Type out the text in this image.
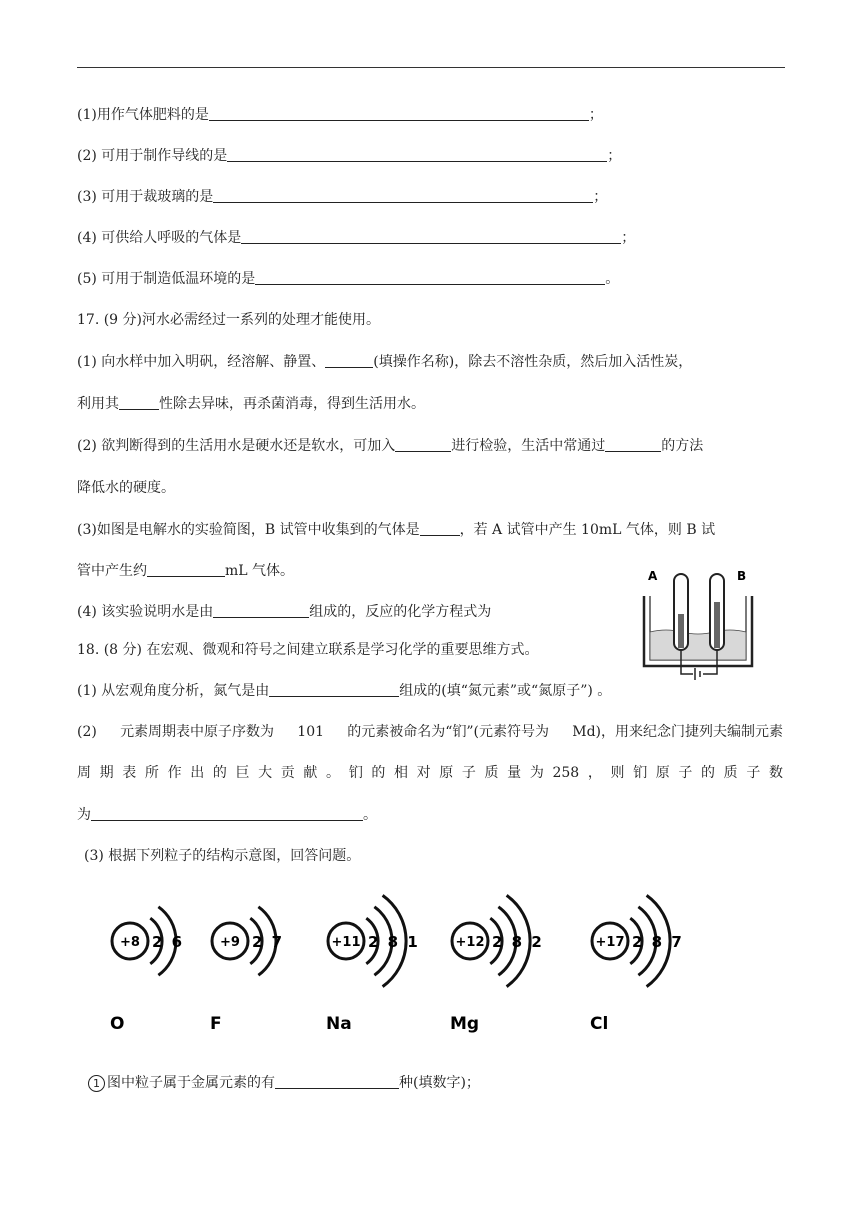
(1)用作气体肥料的是	；
(2) 可用于制作导线的是	；
(3) 可用于裁玻璃的是	；
(4) 可供给人呼吸的气体是	；
(5) 可用于制造低温环境的是	。
17. (9 分)河水必需经过一系列的处理才能使用。
(1) 向水样中加入明矾，经溶解、静置、	(填操作名称)，除去不溶性杂质，然后加入活性炭，
利用其	性除去异味，再杀菌消毒，得到生活用水。
(2) 欲判断得到的生活用水是硬水还是软水，可加入	进行检验，生活中常通过	的方法
降低水的硬度。
(3)如图是电解水的实验简图，B 试管中收集到的气体是	，若 A 试管中产生 10mL 气体，则 B 试
管中产生约	mL 气体。
(4) 该实验说明水是由	组成的，反应的化学方程式为
A	B
18. (8 分) 在宏观、微观和符号之间建立联系是学习化学的重要思维方式。
(1) 从宏观角度分析，氮气是由	组成的(填“氮元素”或“氮原子”) 。
(2) 元素周期表中原子序数为 101 的元素被命名为“钔”(元素符号为 Md)，用来纪念门捷列夫编制元素
周 期 表 所 作 出 的 巨 大 贡 献 。 钔 的 相 对 原 子 质 量 为 258 ， 则 钔 原 子 的 质 子 数
为	。
(3) 根据下列粒子的结构示意图，回答问题。
+8 2 6
O
+9 2 7
F
+11 2 8 1
Na
+12 2 8 2
Mg
+17 2 8 7
Cl
1 图中粒子属于金属元素的有	种(填数字)；
